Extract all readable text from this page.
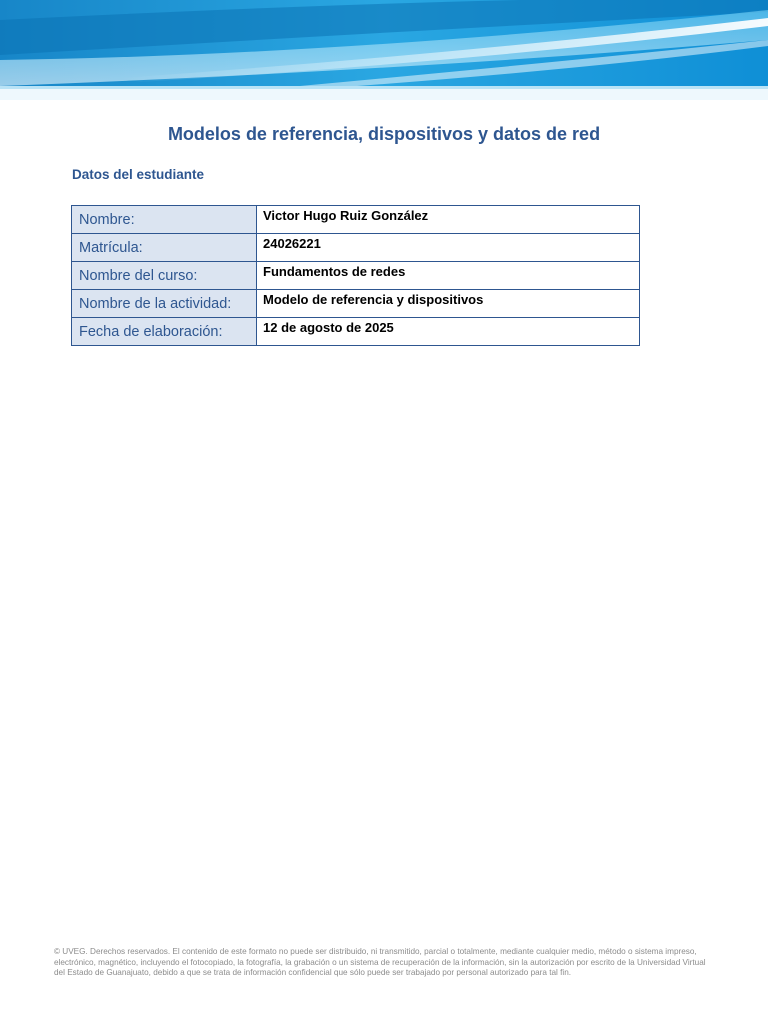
Modelos de referencia, dispositivos y datos de red
Datos del estudiante
Nombre:	Victor Hugo Ruiz González
Matrícula:	24026221
Nombre del curso:	Fundamentos de redes
Nombre de la actividad:	Modelo de referencia y dispositivos
Fecha de elaboración:	12 de agosto de 2025
© UVEG. Derechos reservados. El contenido de este formato no puede ser distribuido, ni transmitido, parcial o totalmente, mediante cualquier medio, método o sistema impreso, electrónico, magnético, incluyendo el fotocopiado, la fotografía, la grabación o un sistema de recuperación de la información, sin la autorización por escrito de la Universidad Virtual del Estado de Guanajuato, debido a que se trata de información confidencial que sólo puede ser trabajado por personal autorizado para tal fin.
